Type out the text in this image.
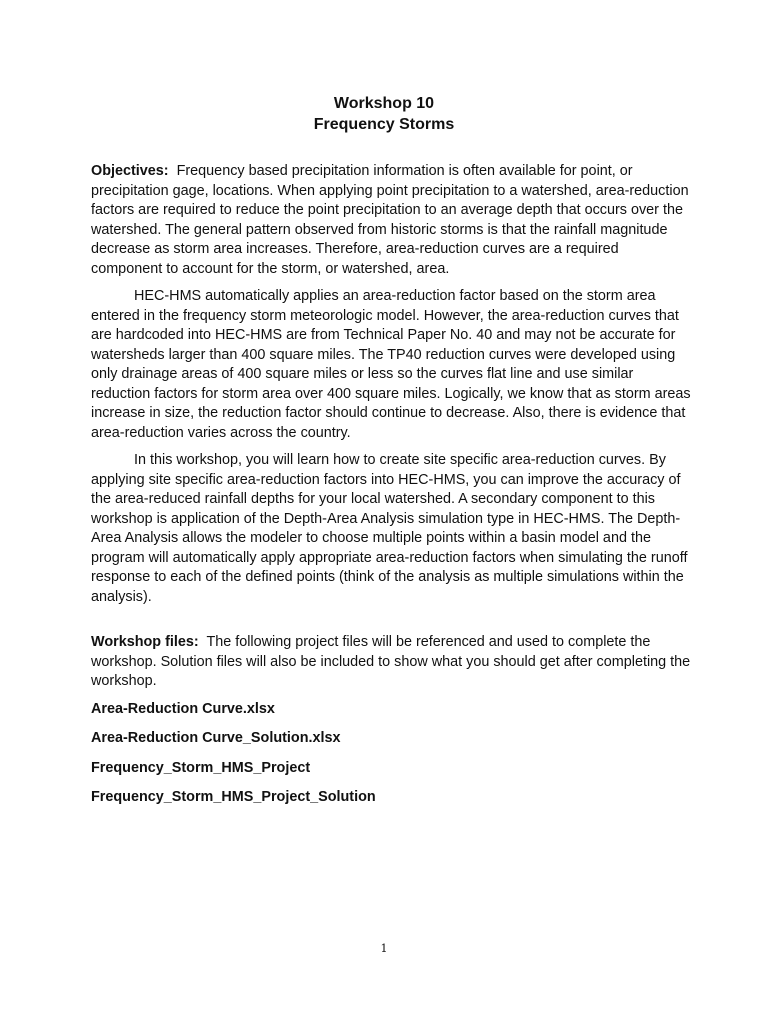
Workshop 10
Frequency Storms

Objectives: Frequency based precipitation information is often available for point, or precipitation gage, locations. When applying point precipitation to a watershed, area-reduction factors are required to reduce the point precipitation to an average depth that occurs over the watershed. The general pattern observed from historic storms is that the rainfall magnitude decrease as storm area increases. Therefore, area-reduction curves are a required component to account for the storm, or watershed, area.

HEC-HMS automatically applies an area-reduction factor based on the storm area entered in the frequency storm meteorologic model. However, the area-reduction curves that are hardcoded into HEC-HMS are from Technical Paper No. 40 and may not be accurate for watersheds larger than 400 square miles. The TP40 reduction curves were developed using only drainage areas of 400 square miles or less so the curves flat line and use similar reduction factors for storm area over 400 square miles. Logically, we know that as storm areas increase in size, the reduction factor should continue to decrease. Also, there is evidence that area-reduction varies across the country.

In this workshop, you will learn how to create site specific area-reduction curves. By applying site specific area-reduction factors into HEC-HMS, you can improve the accuracy of the area-reduced rainfall depths for your local watershed. A secondary component to this workshop is application of the Depth-Area Analysis simulation type in HEC-HMS. The Depth-Area Analysis allows the modeler to choose multiple points within a basin model and the program will automatically apply appropriate area-reduction factors when simulating the runoff response to each of the defined points (think of the analysis as multiple simulations within the analysis).

Workshop files: The following project files will be referenced and used to complete the workshop. Solution files will also be included to show what you should get after completing the workshop.

Area-Reduction Curve.xlsx
Area-Reduction Curve_Solution.xlsx
Frequency_Storm_HMS_Project
Frequency_Storm_HMS_Project_Solution
1
